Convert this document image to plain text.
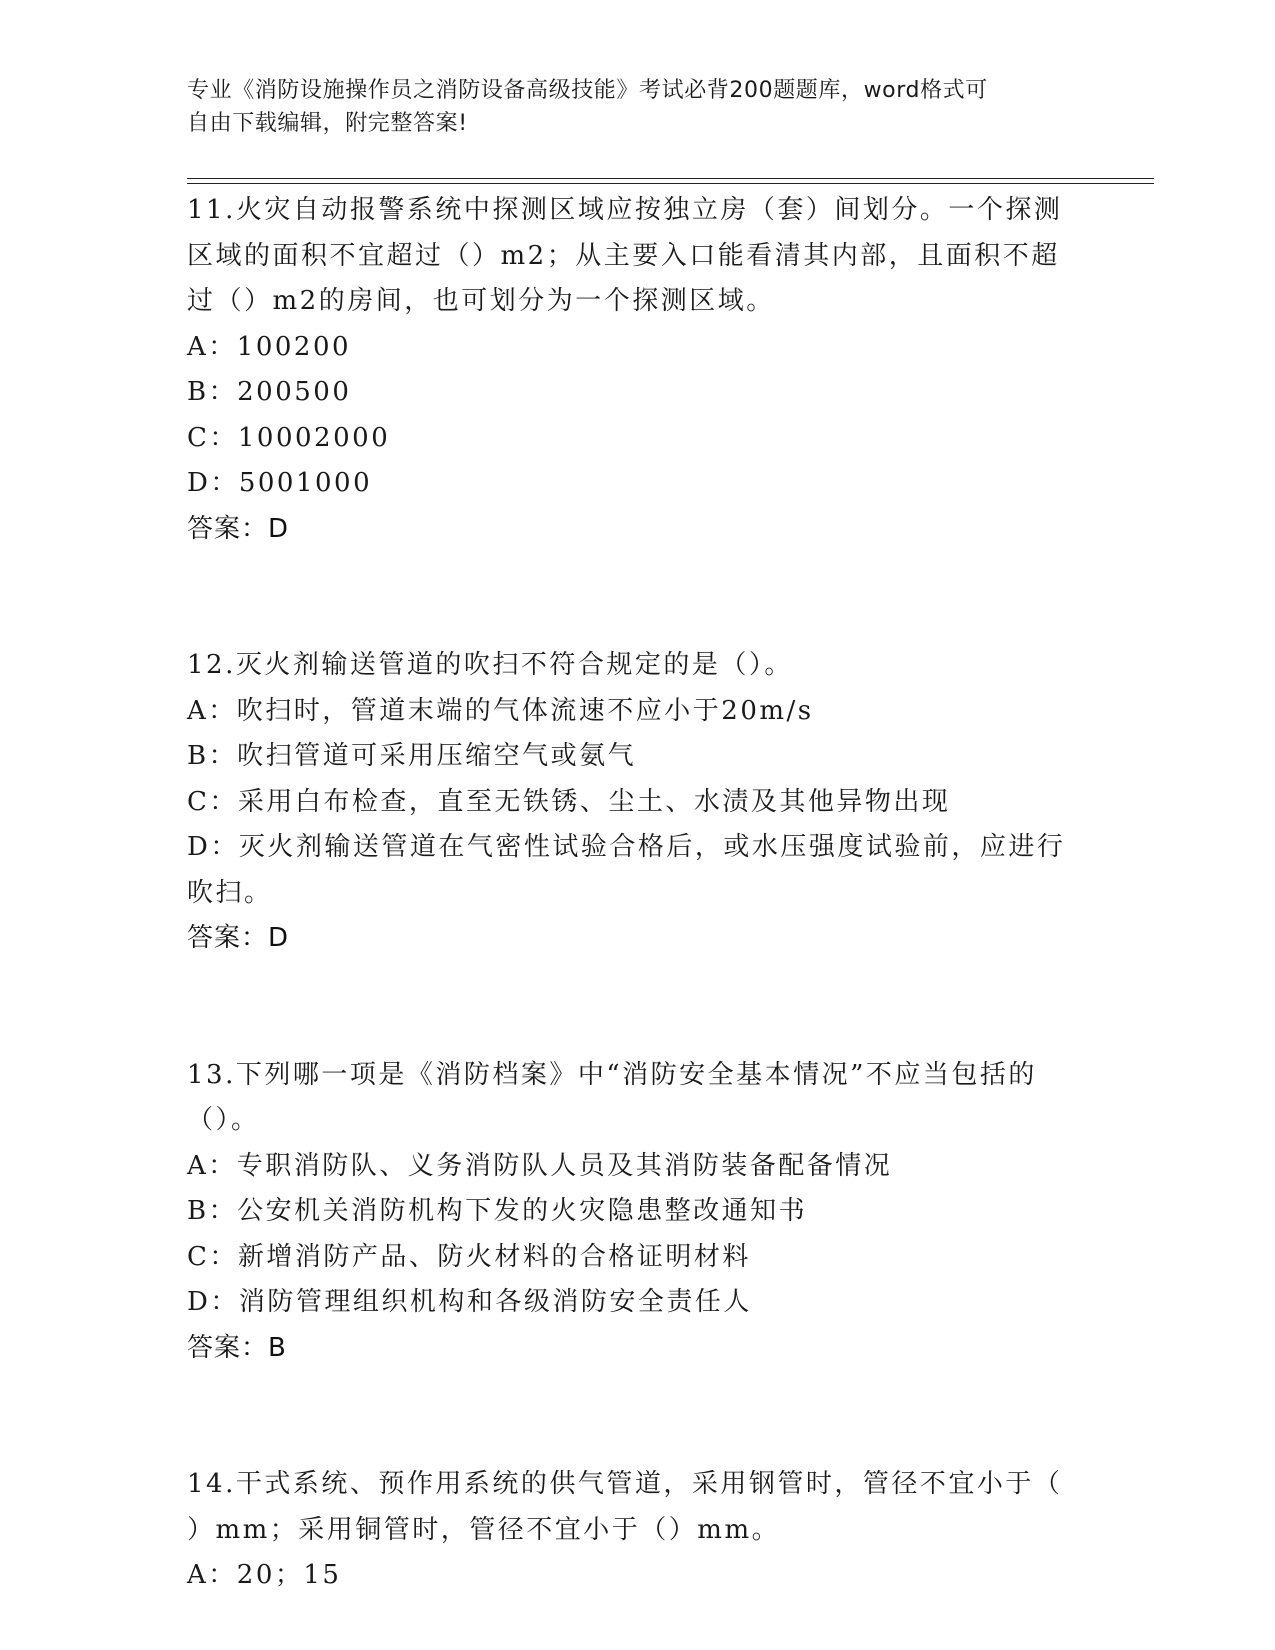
专业《消防设施操作员之消防设备高级技能》考试必背200题题库，word格式可
自由下载编辑，附完整答案!

11.火灾自动报警系统中探测区域应按独立房（套）间划分。一个探测

区域的面积不宜超过（）m2；从主要入口能看清其内部，且面积不超

过（）m2的房间，也可划分为一个探测区域。

A：100200

B：200500

C：10002000

D：5001000

答案：D

12.灭火剂输送管道的吹扫不符合规定的是（）。

A：吹扫时，管道末端的气体流速不应小于20m/s

B：吹扫管道可采用压缩空气或氨气

C：采用白布检查，直至无铁锈、尘土、水渍及其他异物出现

D：灭火剂输送管道在气密性试验合格后，或水压强度试验前，应进行

吹扫。

答案：D

13.下列哪一项是《消防档案》中“消防安全基本情况”不应当包括的

（）。

A：专职消防队、义务消防队人员及其消防装备配备情况

B：公安机关消防机构下发的火灾隐患整改通知书

C：新增消防产品、防火材料的合格证明材料

D：消防管理组织机构和各级消防安全责任人

答案：B

14.干式系统、预作用系统的供气管道，采用钢管时，管径不宜小于（

）mm；采用铜管时，管径不宜小于（）mm。

A：20；15
